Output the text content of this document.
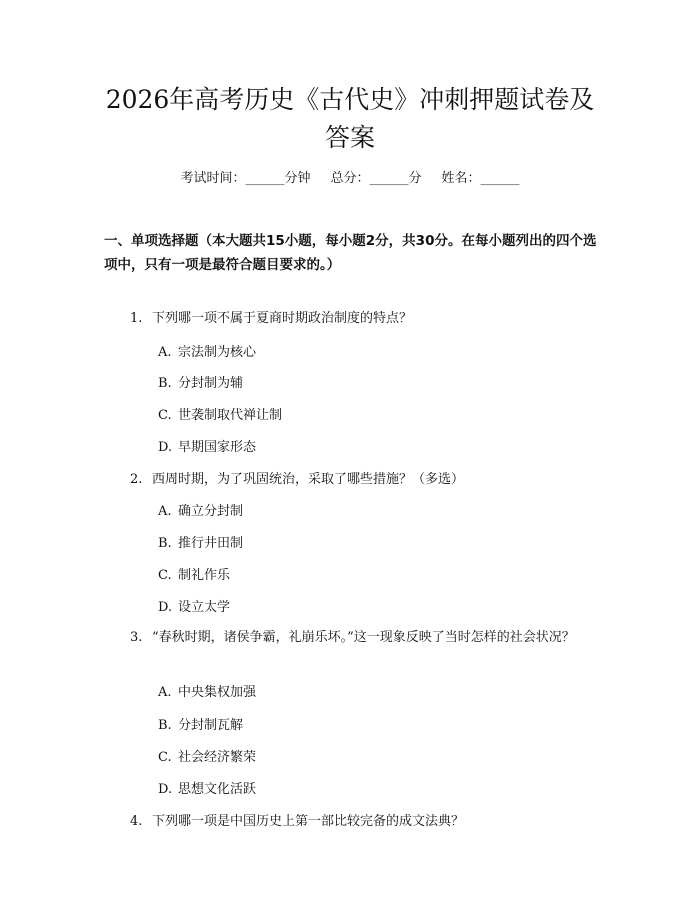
2026年高考历史《古代史》冲刺押题试卷及
答案
考试时间：______分钟 总分：______分 姓名：______
一、单项选择题（本大题共15小题，每小题2分，共30分。在每小题列出的四个选项中，只有一项是最符合题目要求的。）
1. 下列哪一项不属于夏商时期政治制度的特点？
A. 宗法制为核心
B. 分封制为辅
C. 世袭制取代禅让制
D. 早期国家形态
2. 西周时期，为了巩固统治，采取了哪些措施？（多选）
A. 确立分封制
B. 推行井田制
C. 制礼作乐
D. 设立太学
3. “春秋时期，诸侯争霸，礼崩乐坏。”这一现象反映了当时怎样的社会状况？
A. 中央集权加强
B. 分封制瓦解
C. 社会经济繁荣
D. 思想文化活跃
4. 下列哪一项是中国历史上第一部比较完备的成文法典？
